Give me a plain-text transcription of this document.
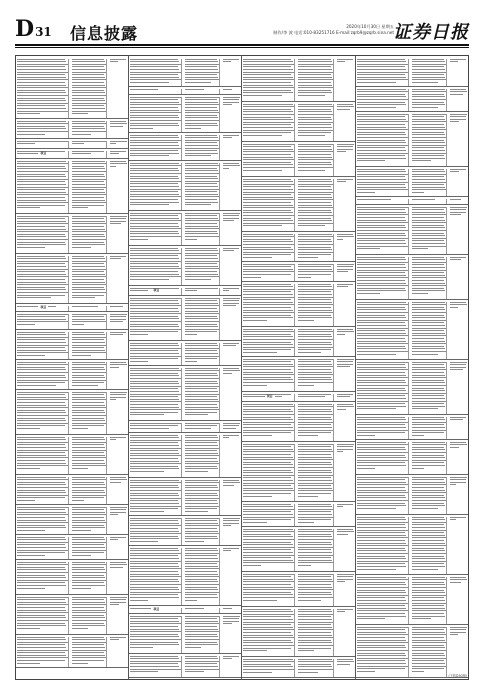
D31 信息披露	2020年10月30日 星期五
制作/李 波 电话:010-83251716 E-mail:zqrb9@zqrb.sina.net 证券日报
项目
项目
项目
项目
项目
(下转D30版)
